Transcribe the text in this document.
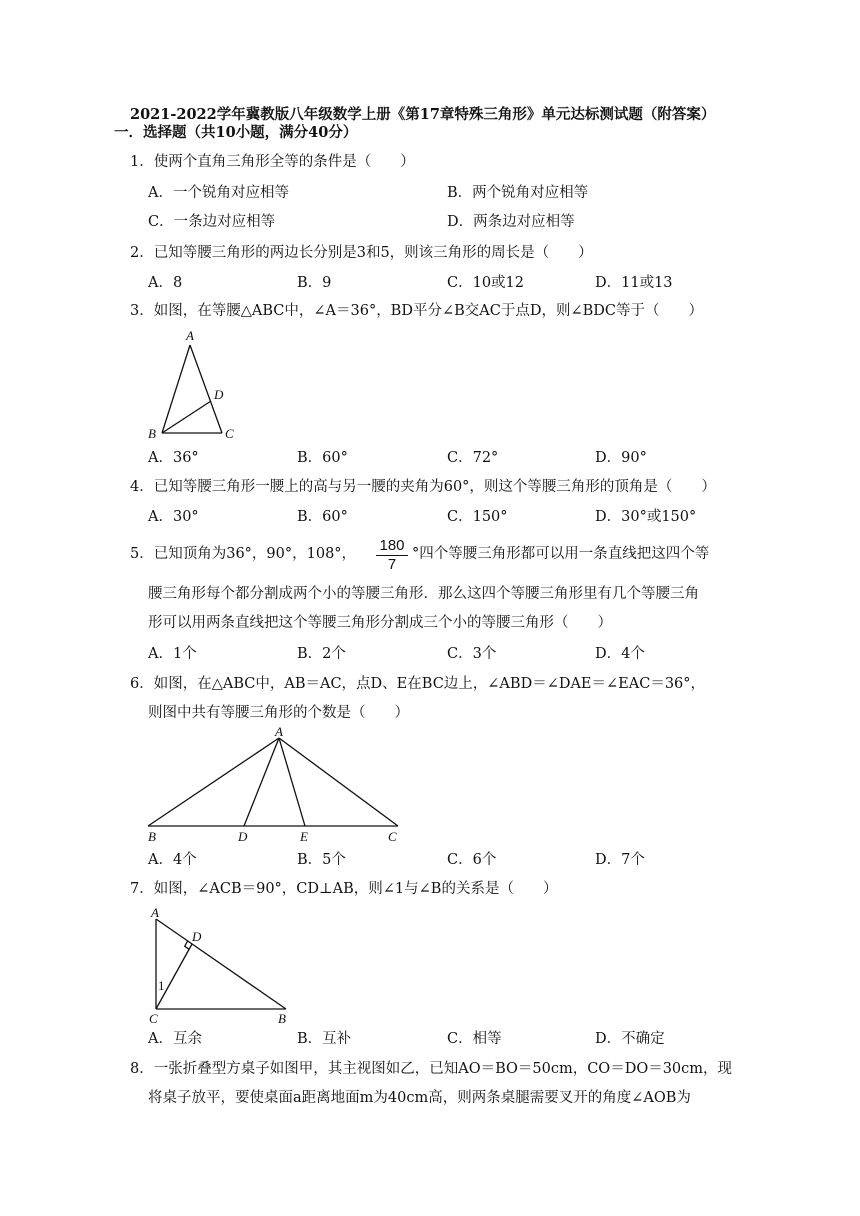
2021-2022学年冀教版八年级数学上册《第17章特殊三角形》单元达标测试题（附答案）
一．选择题（共10小题，满分40分）
1．使两个直角三角形全等的条件是（　　）
A．一个锐角对应相等	B．两个锐角对应相等
C．一条边对应相等	D．两条边对应相等
2．已知等腰三角形的两边长分别是3和5，则该三角形的周长是（　　）
A．8	B．9	C．10或12	D．11或13
3．如图，在等腰△ABC中，∠A＝36°，BD平分∠B交AC于点D，则∠BDC等于（　　）
A
D
B	C
A．36°	B．60°	C．72°	D．90°
4．已知等腰三角形一腰上的高与另一腰的夹角为60°，则这个等腰三角形的顶角是（　　）
A．30°	B．60°	C．150°	D．30°或150°
5．已知顶角为36°，90°，108°，	180
7
°四个等腰三角形都可以用一条直线把这四个等
腰三角形每个都分割成两个小的等腰三角形．那么这四个等腰三角形里有几个等腰三角
形可以用两条直线把这个等腰三角形分割成三个小的等腰三角形（　　）
A．1个	B．2个	C．3个	D．4个
6．如图，在△ABC中，AB＝AC，点D、E在BC边上，∠ABD＝∠DAE＝∠EAC＝36°，
则图中共有等腰三角形的个数是（　　）
A
B	D	E	C
A．4个	B．5个	C．6个	D．7个
7．如图，∠ACB＝90°，CD⊥AB，则∠1与∠B的关系是（　　）
A
D
1
C	B
A．互余	B．互补	C．相等	D．不确定
8．一张折叠型方桌子如图甲，其主视图如乙，已知AO＝BO＝50cm，CO＝DO＝30cm，现
将桌子放平，要使桌面a距离地面m为40cm高，则两条桌腿需要叉开的角度∠AOB为
